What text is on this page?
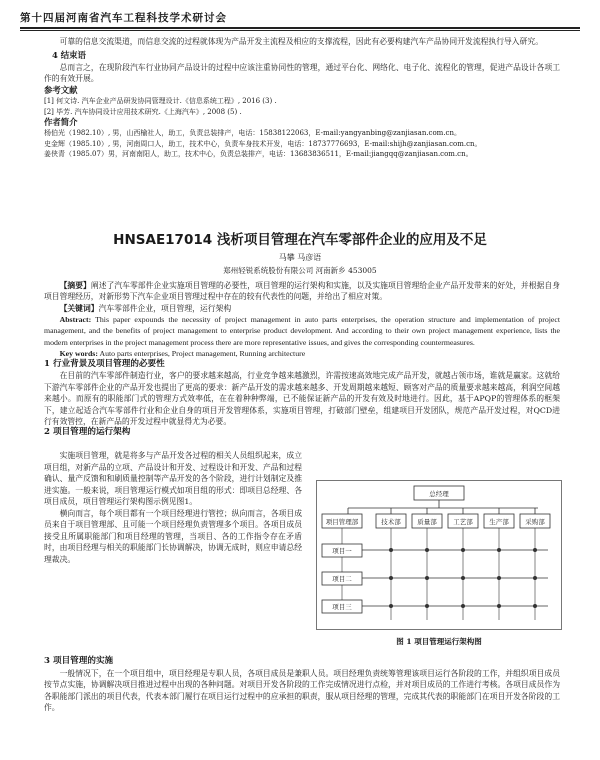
第十四届河南省汽车工程科技学术研讨会

可靠的信息交流渠道，而信息交流的过程就体现为产品开发主流程及相应的支撑流程，因此有必要构建汽车产品协同开发流程执行导入研究。

4 结束语

总而言之，在现阶段汽车行业协同产品设计的过程中应该注重协同性的管理，通过平台化、网络化、电子化、流程化的管理，促进产品设计各项工作的有效开展。

参考文献

[1] 何文诗. 汽车企业产品研发协同管理设计.《信息系统工程》, 2016 (3) .

[2] 毕芳. 汽车协同设计应用技术研究.《上海汽车》, 2008 (5) .

作者简介

杨伯光（1982.10）, 男，山西榆社人，助工，负责总装排产，电话：15838122063，E-mail:yangyanbing@zanjiasan.com.cn。

史金辉（1985.10）, 男，河南周口人，助工，技术中心，负责车身技术开发，电话：18737776693，E-mail:shijh@zanjiasan.com.cn。

姜侠青（1985.07）男，河南南阳人，助工，技术中心，负责总装排产，电话：13683836511，E-mail:jiangqq@zanjiasan.com.cn。

HNSAE17014 浅析项目管理在汽车零部件企业的应用及不足
马攀 马彦语
郑州轻锐系统股份有限公司 河南新乡 453005

【摘要】阐述了汽车零部件企业实施项目管理的必要性，项目管理的运行架构和实施，以及实施项目管理给企业产品开发带来的好处，并根据自身项目管理经历，对新形势下汽车企业项目管理过程中存在的较有代表性的问题，并给出了相应对策。

【关键词】汽车零部件企业，项目管理，运行架构

Abstract: This paper expounds the necessity of project management in auto parts enterprises, the operation structure and implementation of project management, and the benefits of project management to enterprise product development. And according to their own project management experience, lists the modern enterprises in the project management process there are more representative issues, and gives the corresponding countermeasures.

Key words: Auto parts enterprises, Project management, Running architecture

1 行业背景及项目管理的必要性

在目前的汽车零部件制造行业，客户的要求越来越高，行业竞争越来越激烈，许需按速高效地完成产品开发，就越占领市场，谁就是赢家。这就给下游汽车零部件企业的产品开发也提出了更高的要求：新产品开发的需求越来越多、开发周期越来越短、顾客对产品的质量要求越来越高，利润空间越来越小。而原有的职能部门式的管理方式效率低，在在着种种弊端，已不能保证新产品的开发有效及时地进行。因此，基于APQP的管理体系的框架下，建立起适合汽车零部件行业和企业自身的项目开发管理体系，实施项目管理，打破部门壁垒，组建项目开发团队，规范产品开发过程，对QCD进行有效管控，在新产品的开发过程中就显得尤为必要。

2 项目管理的运行架构

实施项目管理，就是将多与产品开发各过程的相关人员组织起来，成立项目组，对新产品的立项、产品设计和开发、过程设计和开发、产品和过程确认、量产反馈和和刷质量控制等产品开发的各个阶段，进行计划制定及推进实施。一般来说，项目管理运行模式如项目组的形式：即项目总经理、各项目成员，项目管理运行架构图示例见图1。

横向而言，每个项目都有一个项目经理进行管控；纵向而言，各项目成员来自于项目管理部、且可能一个项目经理负责管理多个项目。各项目成员接受且所属职能部门和项目经理的管理，当项目、各的工作指令存在矛盾时，由项目经理与相关的职能部门长协调解决，协调无成时，则应申请总经理裁决。

总经理
项目管理部	技术部	质量部	工艺部	生产部	采购部
项目一
项目二
项目三
图 1 项目管理运行架构图

3 项目管理的实施

一般情况下，在一个项目组中，项目经理是专职人员，各项目成员是兼职人员。项目经理负责统筹管理该项目运行各阶段的工作，并组织项目成员按节点实施，协调解决项目推进过程中出现的各种问题。对项目开发各阶段的工作完成情况进行点检，并对项目成员的工作进行考核。各项目成员作为各职能部门派出的项目代表，代表本部门履行在项目运行过程中的应承担的职责，服从项目经理的管理，完成其代表的职能部门在项目开发各阶段的工作。
